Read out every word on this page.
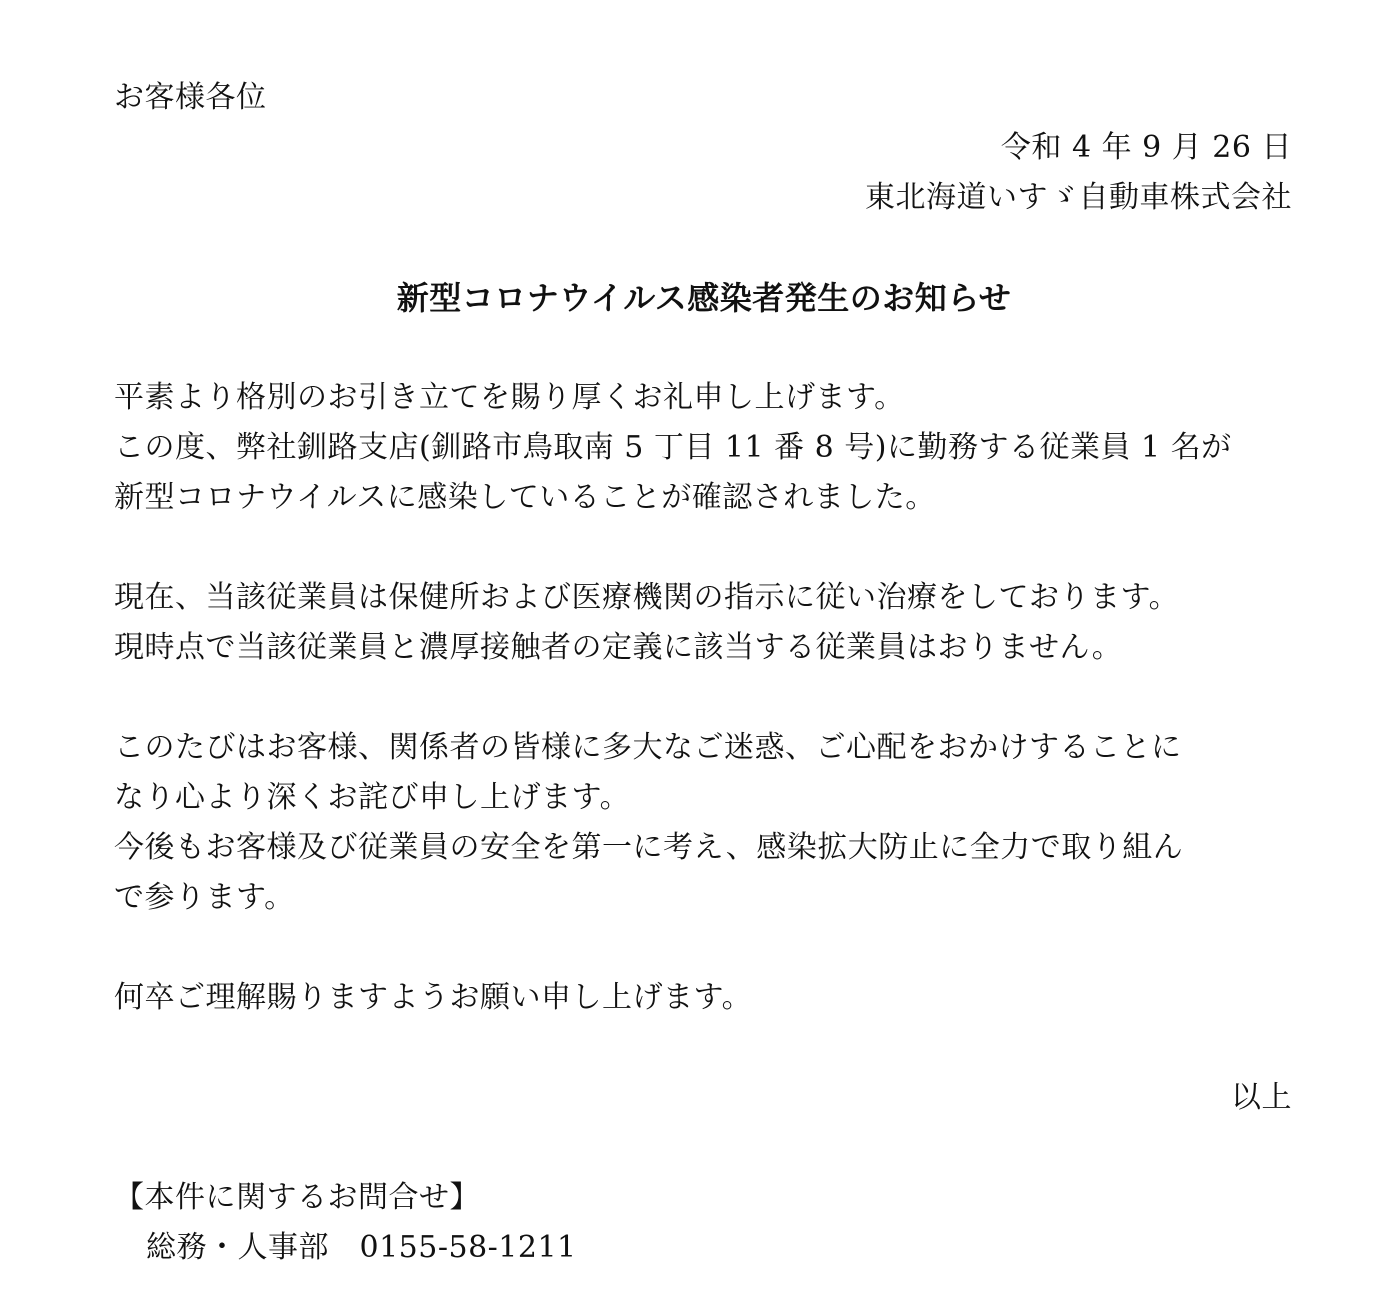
お客様各位
令和 4 年 9 月 26 日
東北海道いすゞ自動車株式会社
新型コロナウイルス感染者発生のお知らせ
平素より格別のお引き立てを賜り厚くお礼申し上げます。
この度、弊社釧路支店(釧路市鳥取南 5 丁目 11 番 8 号)に勤務する従業員 1 名が
新型コロナウイルスに感染していることが確認されました。
現在、当該従業員は保健所および医療機関の指示に従い治療をしております。
現時点で当該従業員と濃厚接触者の定義に該当する従業員はおりません。
このたびはお客様、関係者の皆様に多大なご迷惑、ご心配をおかけすることに
なり心より深くお詫び申し上げます。
今後もお客様及び従業員の安全を第一に考え、感染拡大防止に全力で取り組ん
で参ります。
何卒ご理解賜りますようお願い申し上げます。
以上
【本件に関するお問合せ】
総務・人事部　0155-58-1211
